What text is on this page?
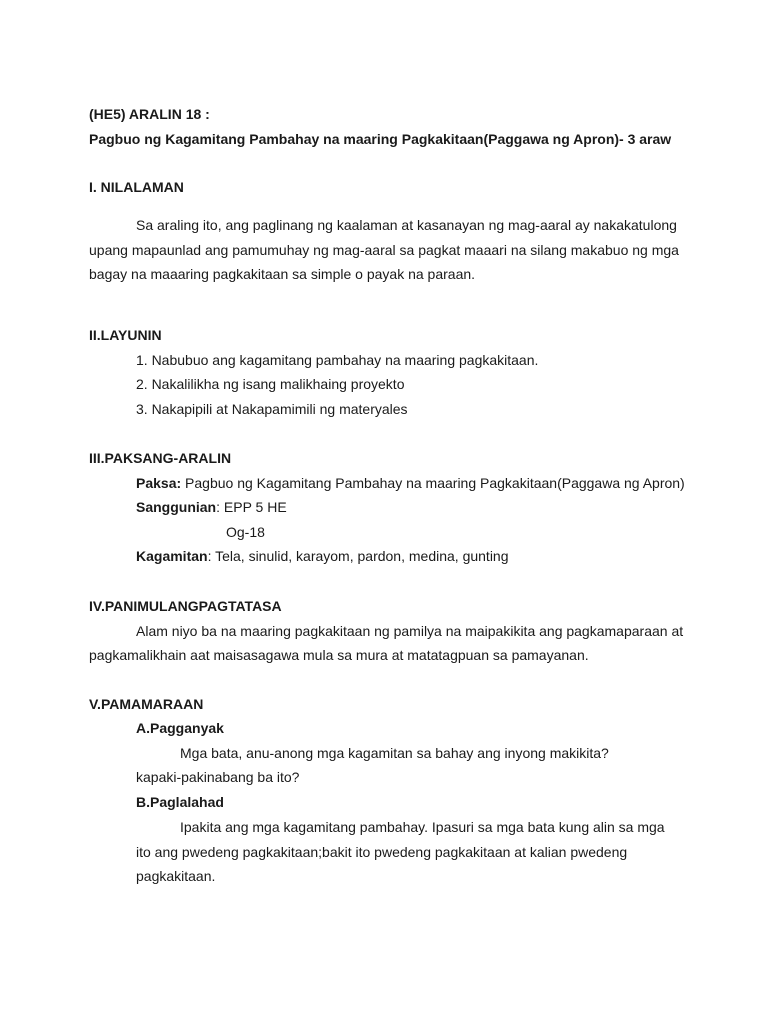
(HE5) ARALIN 18 :
Pagbuo ng Kagamitang Pambahay na maaring Pagkakitaan(Paggawa ng Apron)- 3 araw
I. NILALAMAN
Sa araling ito, ang paglinang ng kaalaman at kasanayan ng mag-aaral ay nakakatulong
upang mapaunlad ang pamumuhay ng mag-aaral sa pagkat maaari na silang makabuo ng mga
bagay na maaaring pagkakitaan sa simple o payak na paraan.
II.LAYUNIN
1. Nabubuo ang kagamitang pambahay na maaring pagkakitaan.
2. Nakalilikha ng isang malikhaing proyekto
3. Nakapipili at Nakapamimili ng materyales
III.PAKSANG-ARALIN
Paksa: Pagbuo ng Kagamitang Pambahay na maaring Pagkakitaan(Paggawa ng Apron)
Sanggunian: EPP 5 HE
Og-18
Kagamitan: Tela, sinulid, karayom, pardon, medina, gunting
IV.PANIMULANGPAGTATASA
Alam niyo ba na maaring pagkakitaan ng pamilya na maipakikita ang pagkamaparaan at
pagkamalikhain aat maisasagawa mula sa mura at matatagpuan sa pamayanan.
V.PAMAMARAAN
A.Pagganyak
Mga bata, anu-anong mga kagamitan sa bahay ang inyong makikita?
kapaki-pakinabang ba ito?
B.Paglalahad
Ipakita ang mga kagamitang pambahay. Ipasuri sa mga bata kung alin sa mga
ito ang pwedeng pagkakitaan;bakit ito pwedeng pagkakitaan at kalian pwedeng
pagkakitaan.
